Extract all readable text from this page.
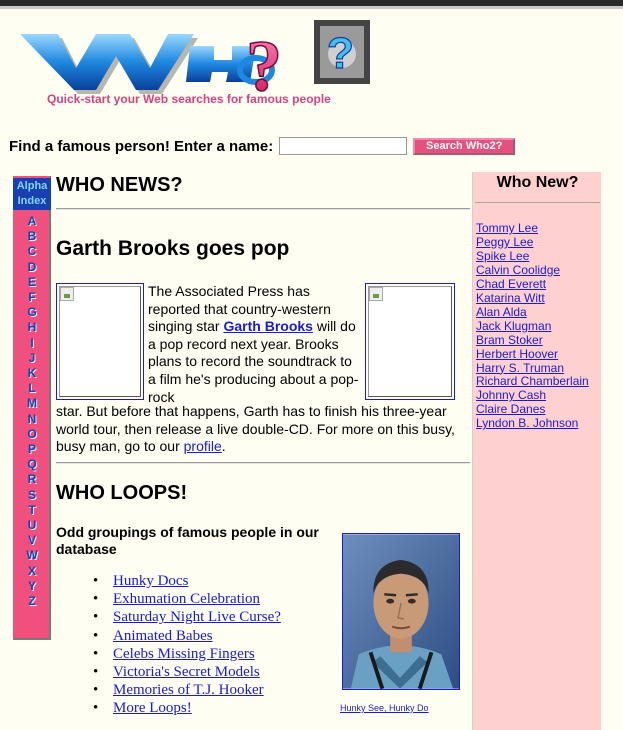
? ?
Quick-start your Web searches for famous people
Find a famous person! Enter a name:	Search Who2?
Alpha
Index
A
B
C
D
E
F
G
H
I
J
K
L
M
N
O
P
Q
R
S
T
U
V
W
X
Y
Z
WHO NEWS?
Garth Brooks goes pop
The Associated Press has reported that country-western singing star Garth Brooks will do a pop record next year. Brooks plans to record the soundtrack to a film he's producing about a pop-rock
star. But before that happens, Garth has to finish his three-year world tour, then release a live double-CD. For more on this busy, busy man, go to our profile.
WHO LOOPS!
Odd groupings of famous people in our database
• Hunky Docs
• Exhumation Celebration
• Saturday Night Live Curse?
• Animated Babes
• Celebs Missing Fingers
• Victoria's Secret Models
• Memories of T.J. Hooker
• More Loops!	Hunky See, Hunky Do
Who New?
Tommy Lee
Peggy Lee
Spike Lee
Calvin Coolidge
Chad Everett
Katarina Witt
Alan Alda
Jack Klugman
Bram Stoker
Herbert Hoover
Harry S. Truman
Richard Chamberlain
Johnny Cash
Claire Danes
Lyndon B. Johnson
